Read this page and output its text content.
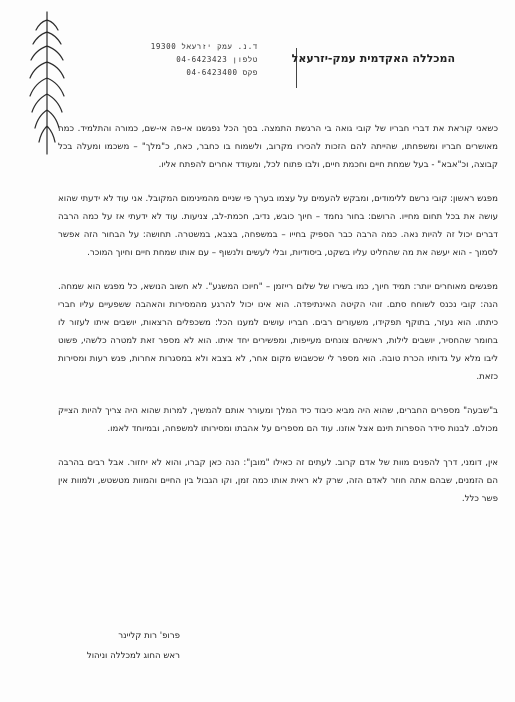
ד.נ. עמק יזרעאל 19300
טלפון 04-6423423
פקס 04-6423400
המכללה האקדמית עמק-יזרעאל

כשאני קוראת את דברי חבריו של קובי גואה בי הרגשת התמצה. בסך הכל נפגשנו אי-פה אי-שם, כמורה והתלמיד. כמה מאושרים חבריו ומשפחתו, שהייתה להם הזכות להכירו מקרוב, ולשמוח בו כחבר, כאח, כ"מלך" – משכמו ומעלה בכל קבוצה, וכ"אבא" - בעל שמחת חיים וחכמת חיים, ולבו פתוח לכל, ומעודד אחרים להפתח אליו.

מפגש ראשון: קובי נרשם ללימודים, ומבקש להעמים על עצמו בערך פי שניים מהמינימום המקובל. אני עוד לא ידעתי שהוא עושה את בכל תחום מחייו. הרושם: בחור נחמד – חיוך כובש, נדיב, חכמת-לב, צניעות. עוד לא ידעתי אז על כמה הרבה דברים יכול זה להיות נאה. כמה הרבה כבר הספיק בחייו – במשפחה, בצבא, במשטרה. תחושה: על הבחור הזה אפשר לסמוך - הוא יעשה את מה שהחליט עליו בשקט, ביסודיות, ובלי לעשים ולנשוף – עם אותו שמחת חיים וחיוך המוכר.

מפגשים מאוחרים יותר: תמיד חיוך, כמו בשירו של שלום רייזמן – "חיוכו המשגע". לא חשוב הנושא, כל מפגש הוא שמחה. הנה: קובי נכנס לשוחח סתם. זוהי הקיטה האינתיפדה. הוא אינו יכול להרגע מהמסירות והאהבה ששפעיים עליו חברי כיתתו. הוא נעזר, בתוקף תפקידו, משעורים רבים. חבריו עושים למענו הכל: משכפלים הרצאות, יושבים איתו לעזור לו בחומר שהחסיר, יושבים לילות, ראשיהם צונחים מעייפות, ומפשירים יחד איתו. הוא לא מספר זאת למטרה כלשהי, פשוט ליבו מלא על גדותיו הכרת טובה. הוא מספר לי שכשבוש מקום אחר, לא בצבא ולא במסגרות אחרות, פגש רעות ומסירות כזאת.

ב"שבעה" מספרים החברים, שהוא היה מביא כיבוד כיד המלך ומעורר אותם להמשיך, למרות שהוא היה צריך להיות הצייק מכולם. לבנות סידר הספרות תינם אצל אוזנו. עוד הם מספרים על אהבתו ומסירותו למשפחה, ובמיוחד לאמו.

אין, דומני, דרך להפנים מוות של אדם קרוב. לעתים זה כאילו "מובן": הנה כאן קברו, והוא לא יחזור. אבל רבים בהרבה הם הזמנים, שבהם אתה חוזר לאדם הזה, שרק לא ראית אותו כמה זמן, וקו הגבול בין החיים והמוות מטשטש, ולמוות אין פשר כלל.

פרופ' רות קליינר
ראש החוג למכללה וניהול
